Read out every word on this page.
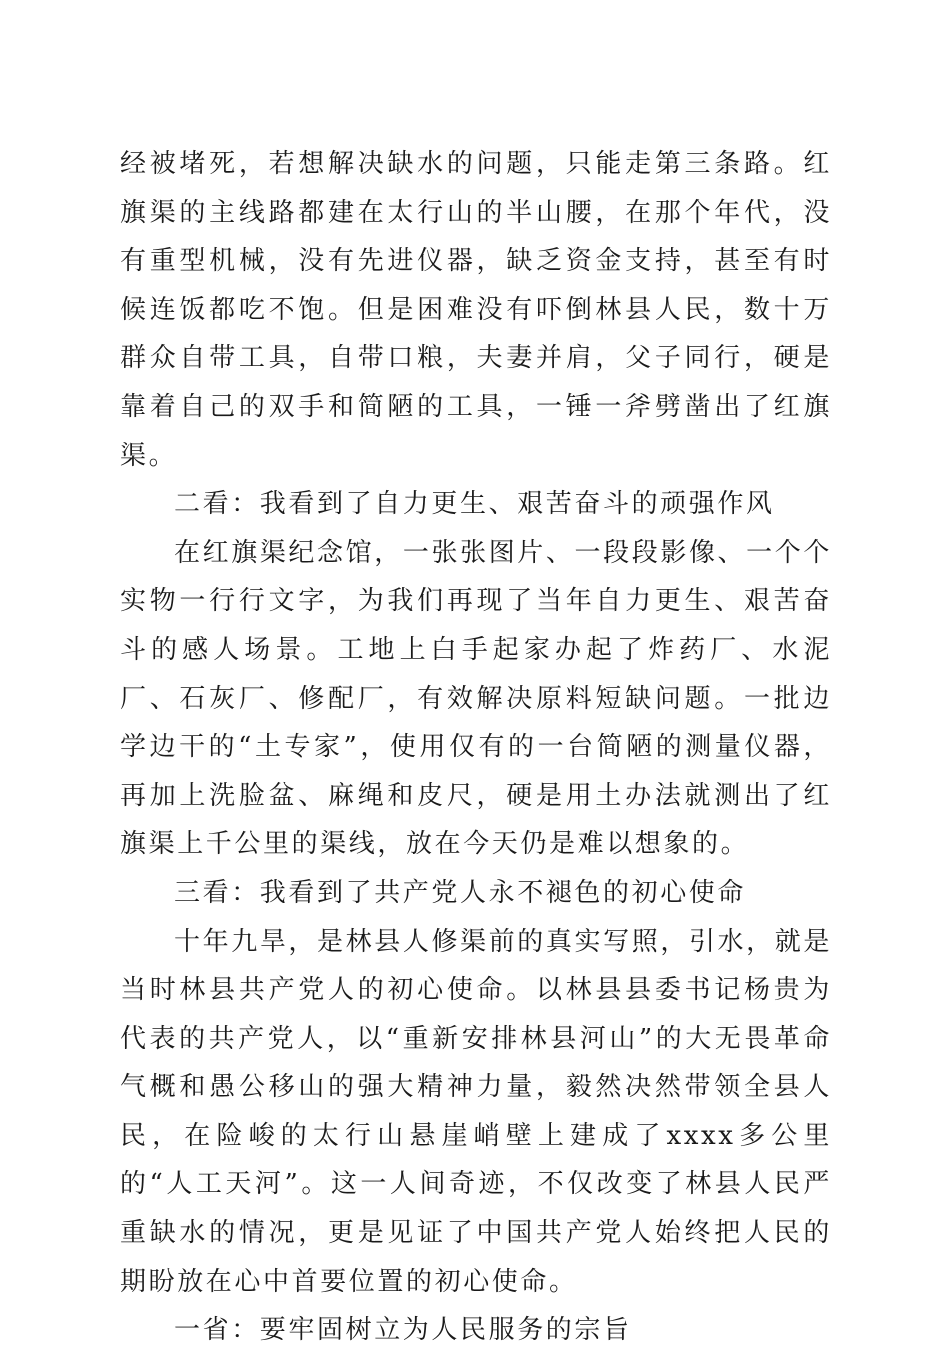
经被堵死，若想解决缺水的问题，只能走第三条路。红旗渠的主线路都建在太行山的半山腰，在那个年代，没有重型机械，没有先进仪器，缺乏资金支持，甚至有时候连饭都吃不饱。但是困难没有吓倒林县人民，数十万群众自带工具，自带口粮，夫妻并肩，父子同行，硬是靠着自己的双手和简陋的工具，一锤一斧劈凿出了红旗渠。

二看：我看到了自力更生、艰苦奋斗的顽强作风

在红旗渠纪念馆，一张张图片、一段段影像、一个个实物一行行文字，为我们再现了当年自力更生、艰苦奋斗的感人场景。工地上白手起家办起了炸药厂、水泥厂、石灰厂、修配厂，有效解决原料短缺问题。一批边学边干的“土专家”，使用仅有的一台简陋的测量仪器，再加上洗脸盆、麻绳和皮尺，硬是用土办法就测出了红旗渠上千公里的渠线，放在今天仍是难以想象的。

三看：我看到了共产党人永不褪色的初心使命

十年九旱，是林县人修渠前的真实写照，引水，就是当时林县共产党人的初心使命。以林县县委书记杨贵为代表的共产党人，以“重新安排林县河山”的大无畏革命气概和愚公移山的强大精神力量，毅然决然带领全县人民，在险峻的太行山悬崖峭壁上建成了xxxx多公里的“人工天河”。这一人间奇迹，不仅改变了林县人民严重缺水的情况，更是见证了中国共产党人始终把人民的期盼放在心中首要位置的初心使命。

一省：要牢固树立为人民服务的宗旨
